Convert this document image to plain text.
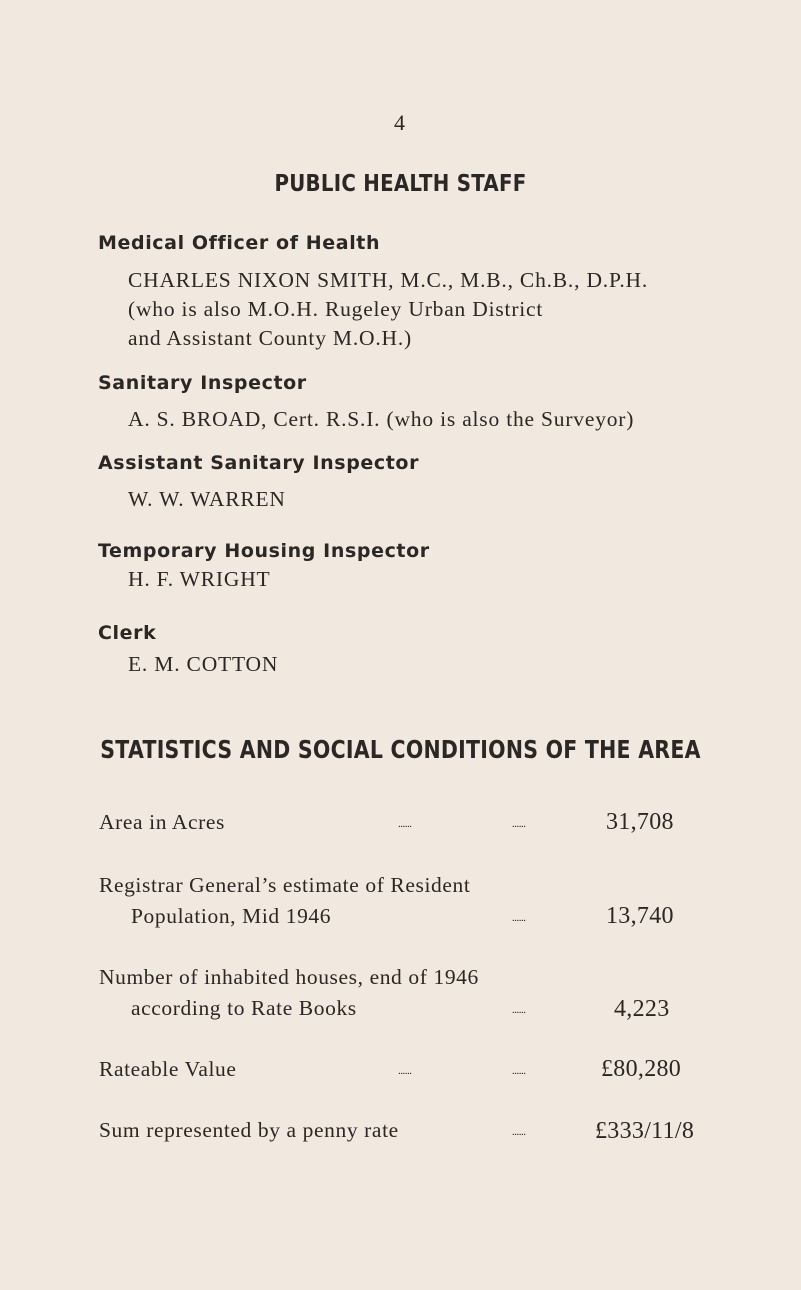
4
PUBLIC HEALTH STAFF
Medical Officer of Health
CHARLES NIXON SMITH, M.C., M.B., Ch.B., D.P.H.
(who is also M.O.H. Rugeley Urban District
and Assistant County M.O.H.)
Sanitary Inspector
A. S. BROAD, Cert. R.S.I. (who is also the Surveyor)
Assistant Sanitary Inspector
W. W. WARREN
Temporary Housing Inspector
H. F. WRIGHT
Clerk
E. M. COTTON
STATISTICS AND SOCIAL CONDITIONS OF THE AREA
Area in Acres	......	......	31,708
Registrar General’s estimate of Resident
Population, Mid 1946	......	13,740
Number of inhabited houses, end of 1946
according to Rate Books	......	4,223
Rateable Value	......	......	£80,280
Sum represented by a penny rate	......	£333/11/8
